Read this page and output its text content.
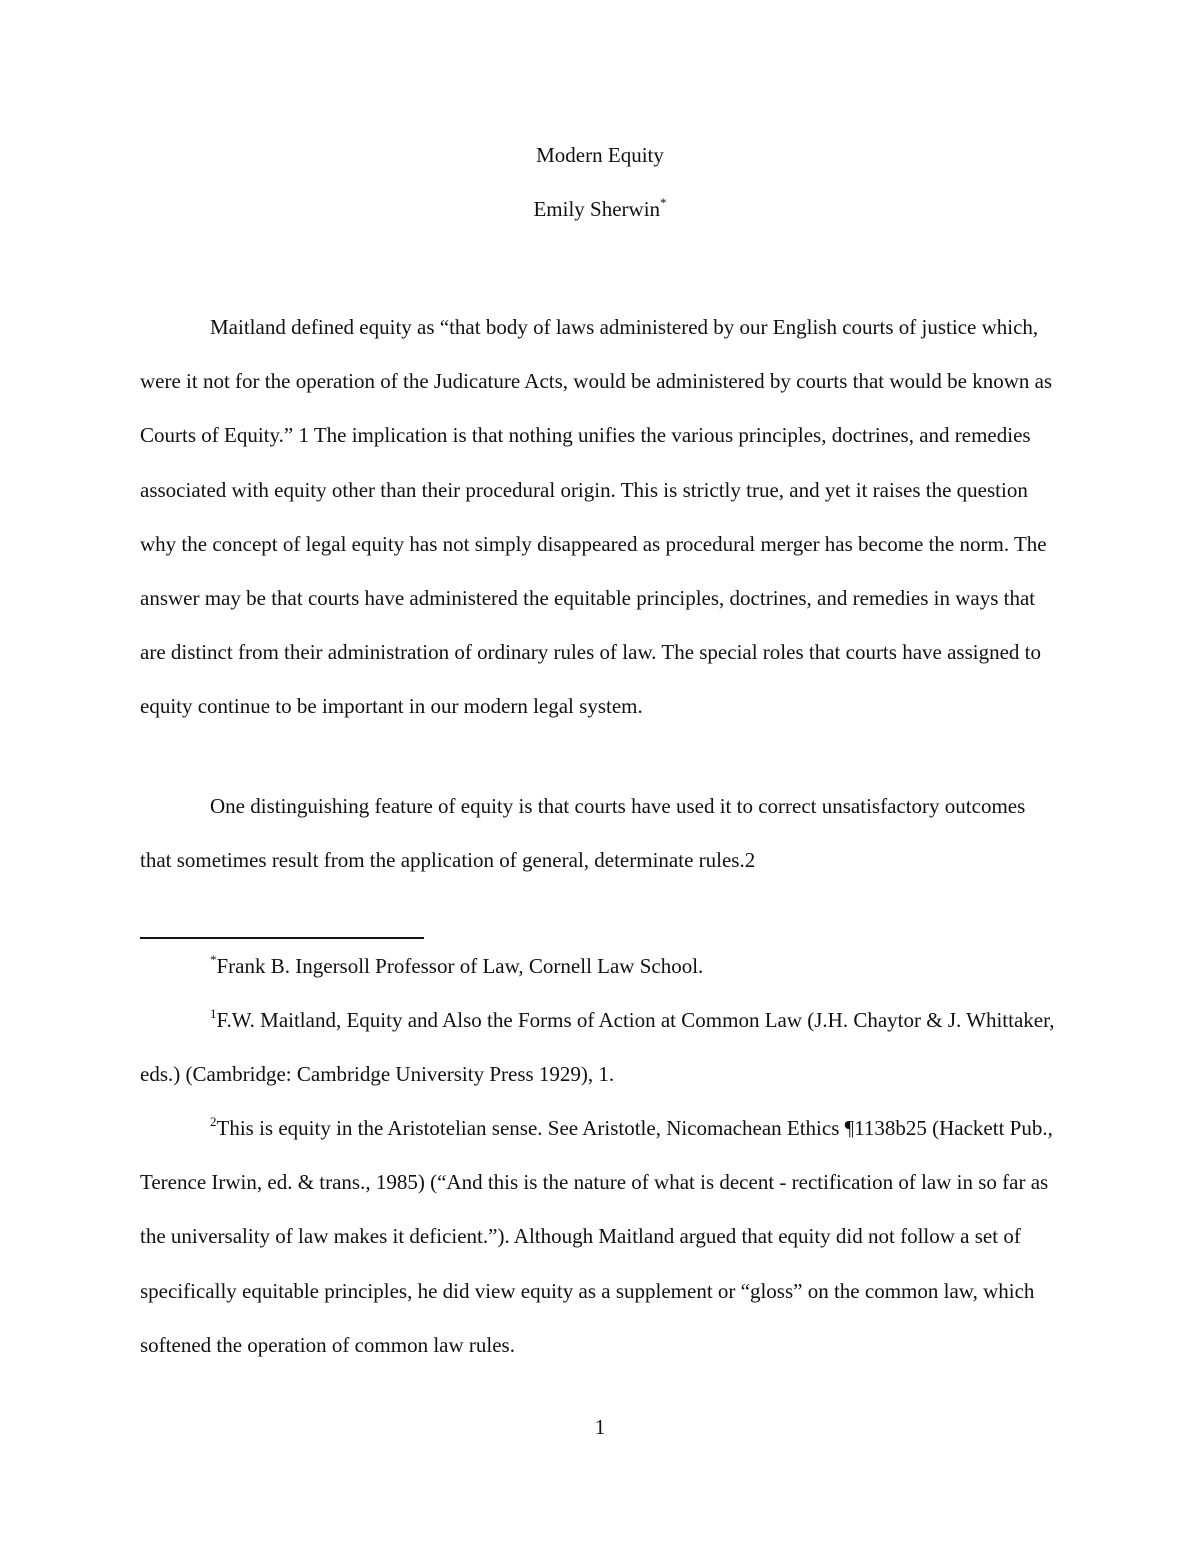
Modern Equity
Emily Sherwin*

Maitland defined equity as “that body of laws administered by our English courts of justice which, were it not for the operation of the Judicature Acts, would be administered by courts that would be known as Courts of Equity.” 1 The implication is that nothing unifies the various principles, doctrines, and remedies associated with equity other than their procedural origin. This is strictly true, and yet it raises the question why the concept of legal equity has not simply disappeared as procedural merger has become the norm. The answer may be that courts have administered the equitable principles, doctrines, and remedies in ways that are distinct from their administration of ordinary rules of law. The special roles that courts have assigned to equity continue to be important in our modern legal system.

One distinguishing feature of equity is that courts have used it to correct unsatisfactory outcomes that sometimes result from the application of general, determinate rules.2

*Frank B. Ingersoll Professor of Law, Cornell Law School.

$^1$F.W. Maitland, Equity and Also the Forms of Action at Common Law (J.H. Chaytor & J. Whittaker, eds.) (Cambridge: Cambridge University Press 1929), 1.

$^2$This is equity in the Aristotelian sense. See Aristotle, Nicomachean Ethics ¶1138b25 (Hackett Pub., Terence Irwin, ed. & trans., 1985) (“And this is the nature of what is decent - rectification of law in so far as the universality of law makes it deficient.”). Although Maitland argued that equity did not follow a set of specifically equitable principles, he did view equity as a supplement or “gloss” on the common law, which softened the operation of common law rules.

1
